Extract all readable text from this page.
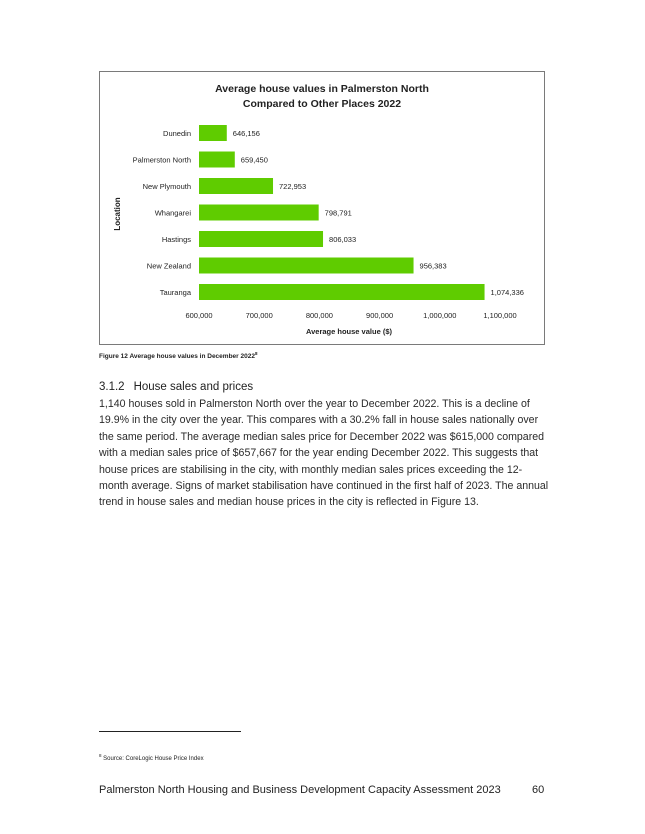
Average house values in Palmerston North
Compared to Other Places 2022
Location
Average house value ($)
Dunedin	646,156
Palmerston North	659,450
New Plymouth	722,953
Whangarei	798,791
Hastings	806,033
New Zealand	956,383
Tauranga	1,074,336
600,000	700,000	800,000	900,000	1,000,000	1,100,000
Figure 12 Average house values in December 2022$^8$
3.1.2 House sales and prices
1,140 houses sold in Palmerston North over the year to December 2022. This is a decline of 19.9% in the city over the year. This compares with a 30.2% fall in house sales nationally over the same period. The average median sales price for December 2022 was $615,000 compared with a median sales price of $657,667 for the year ending December 2022. This suggests that house prices are stabilising in the city, with monthly median sales prices exceeding the 12-month average. Signs of market stabilisation have continued in the first half of 2023. The annual trend in house sales and median house prices in the city is reflected in Figure 13.
$^8$ Source: CoreLogic House Price Index
Palmerston North Housing and Business Development Capacity Assessment 2023	60
